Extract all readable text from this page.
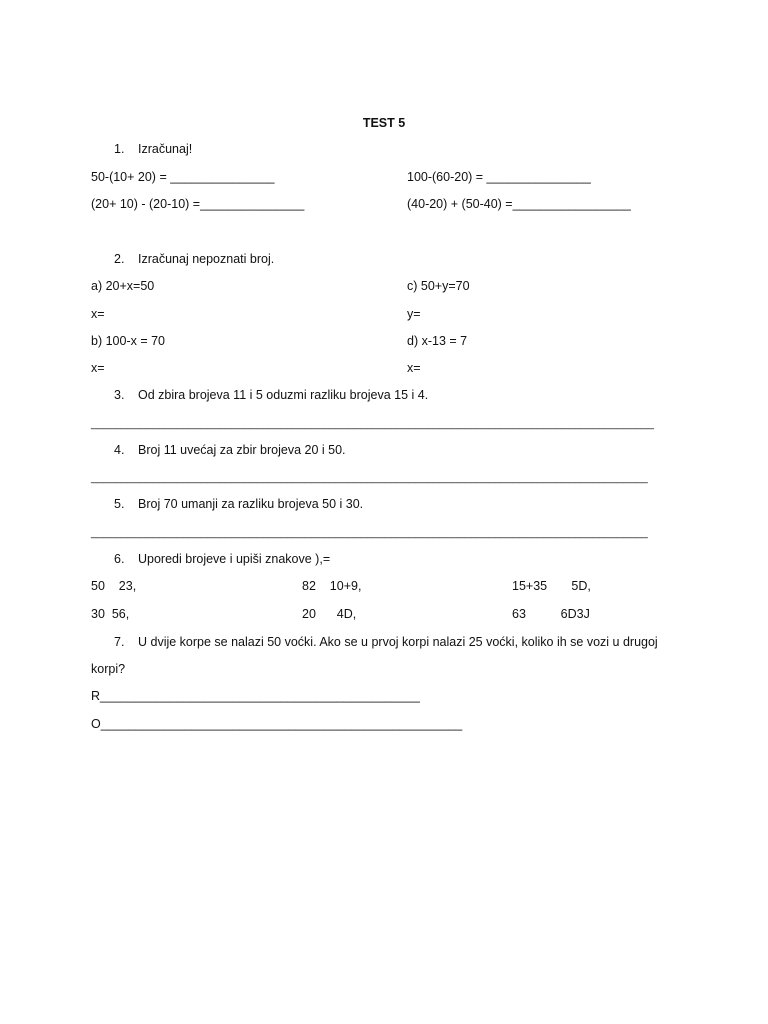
TEST 5
1. Izračunaj!
50-(10+ 20) = _______________	100-(60-20) = _______________
(20+ 10) - (20-10) =_______________	(40-20) + (50-40) =_________________
2. Izračunaj nepoznati broj.
a) 20+x=50	c) 50+y=70
x=	y=
b) 100-x = 70	d) x-13 = 7
x=	x=
3. Od zbira brojeva 11 i 5 oduzmi razliku brojeva 15 i 4.
____________________________________________________________________________________________
4. Broj 11 uvećaj za zbir brojeva 20 i 50.
___________________________________________________________________________________________
5. Broj 70 umanji za razliku brojeva 50 i 30.
___________________________________________________________________________________________
6. Uporedi brojeve i upiši znakove ),=
50    23,	82    10+9,	15+35       5D,
30  56,	20      4D,	63          6D3J
7. U dvije korpe se nalazi 50 voćki. Ako se u prvoj korpi nalazi 25 voćki, koliko ih se vozi u drugoj
korpi?
R______________________________________________
O____________________________________________________
